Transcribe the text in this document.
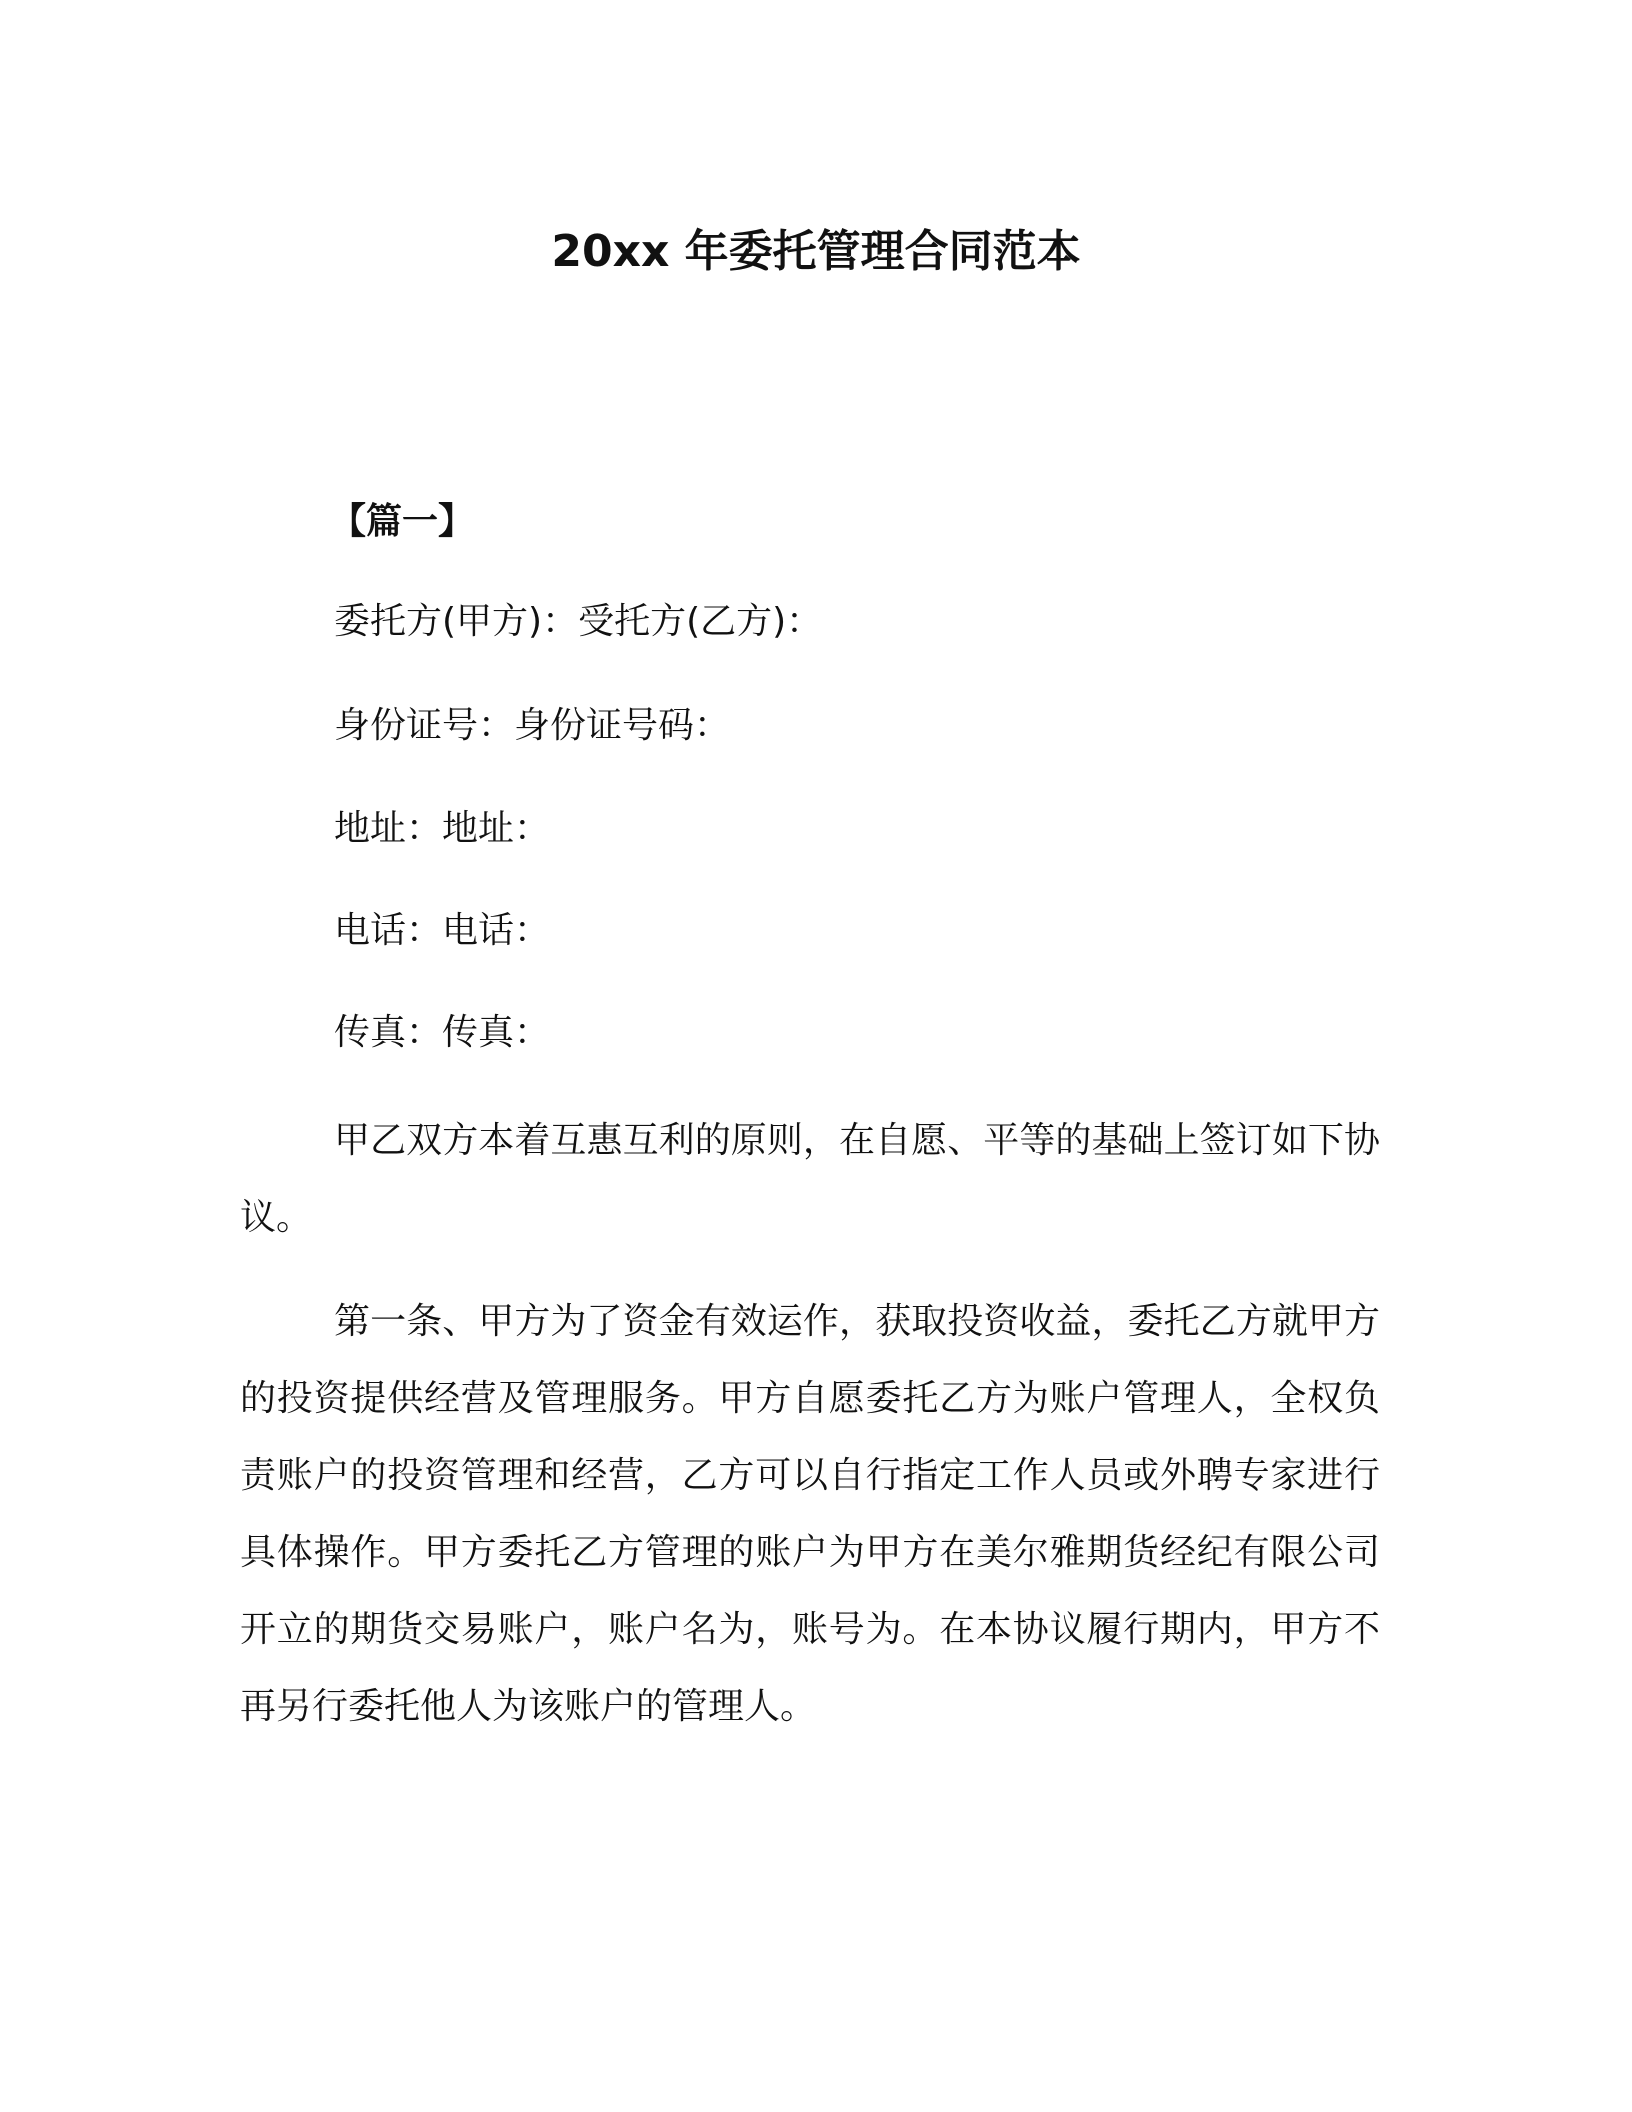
20xx 年委托管理合同范本
【篇一】
委托方(甲方)：受托方(乙方)：
身份证号：身份证号码：
地址：地址：
电话：电话：
传真：传真：
甲乙双方本着互惠互利的原则，在自愿、平等的基础上签订如下协议。
第一条、甲方为了资金有效运作，获取投资收益，委托乙方就甲方的投资提供经营及管理服务。甲方自愿委托乙方为账户管理人，全权负责账户的投资管理和经营，乙方可以自行指定工作人员或外聘专家进行具体操作。甲方委托乙方管理的账户为甲方在美尔雅期货经纪有限公司开立的期货交易账户，账户名为，账号为。在本协议履行期内，甲方不再另行委托他人为该账户的管理人。
